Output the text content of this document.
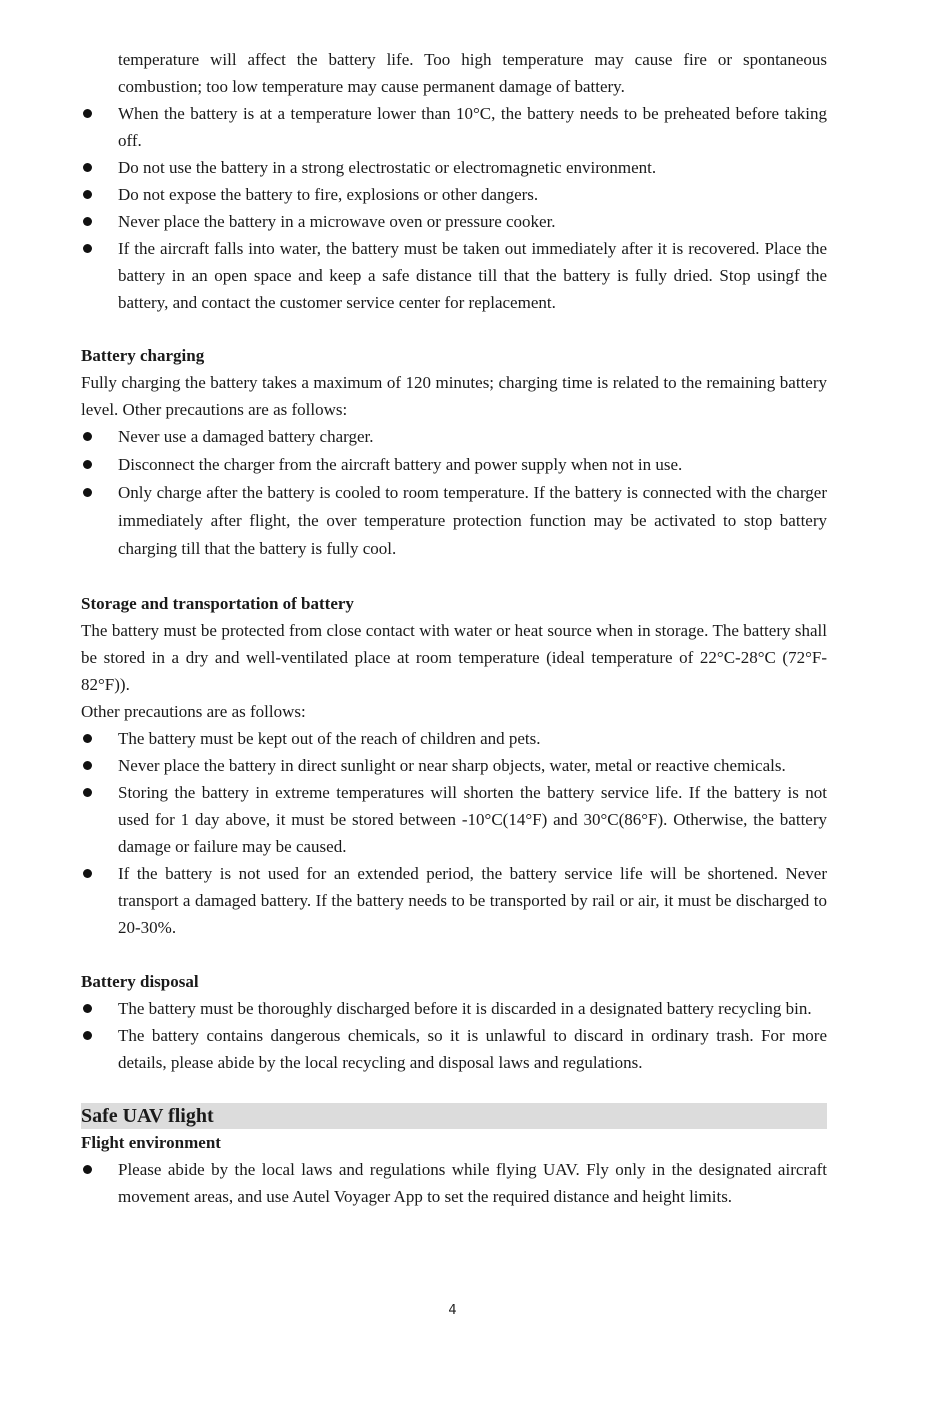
temperature will affect the battery life. Too high temperature may cause fire or spontaneous combustion; too low temperature may cause permanent damage of battery.
When the battery is at a temperature lower than 10°C, the battery needs to be preheated before taking off.
Do not use the battery in a strong electrostatic or electromagnetic environment.
Do not expose the battery to fire, explosions or other dangers.
Never place the battery in a microwave oven or pressure cooker.
If the aircraft falls into water, the battery must be taken out immediately after it is recovered. Place the battery in an open space and keep a safe distance till that the battery is fully dried. Stop usingf the battery, and contact the customer service center for replacement.

Battery charging

Fully charging the battery takes a maximum of 120 minutes; charging time is related to the remaining battery level. Other precautions are as follows:

Never use a damaged battery charger.
Disconnect the charger from the aircraft battery and power supply when not in use.
Only charge after the battery is cooled to room temperature. If the battery is connected with the charger immediately after flight, the over temperature protection function may be activated to stop battery charging till that the battery is fully cool.

Storage and transportation of battery

The battery must be protected from close contact with water or heat source when in storage. The battery shall be stored in a dry and well-ventilated place at room temperature (ideal temperature of 22°C-28°C (72°F- 82°F)).

Other precautions are as follows:

The battery must be kept out of the reach of children and pets.
Never place the battery in direct sunlight or near sharp objects, water, metal or reactive chemicals.
Storing the battery in extreme temperatures will shorten the battery service life. If the battery is not used for 1 day above, it must be stored between -10°C(14°F) and 30°C(86°F). Otherwise, the battery damage or failure may be caused.
If the battery is not used for an extended period, the battery service life will be shortened. Never transport a damaged battery. If the battery needs to be transported by rail or air, it must be discharged to 20-30%.

Battery disposal

The battery must be thoroughly discharged before it is discarded in a designated battery recycling bin.
The battery contains dangerous chemicals, so it is unlawful to discard in ordinary trash. For more details, please abide by the local recycling and disposal laws and regulations.
Safe UAV flight

Flight environment

Please abide by the local laws and regulations while flying UAV. Fly only in the designated aircraft movement areas, and use Autel Voyager App to set the required distance and height limits.
4
